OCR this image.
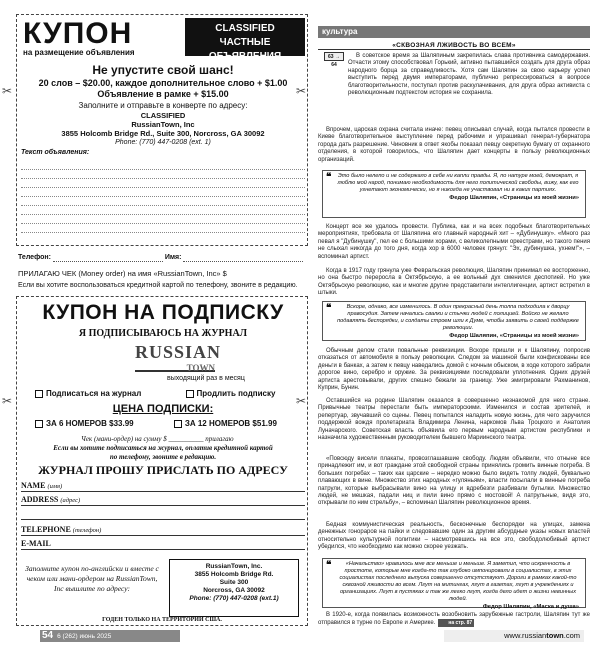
✂	✂
✂	✂
КУПОН
на размещение объявления
CLASSIFIED
ЧАСТНЫЕ ОБЪЯВЛЕНИЯ
Не упустите свой шанс!
20 слов – $20.00, каждое дополнительное слово + $1.00
Объявление в рамке + $15.00
Заполните и отправьте в конверте по адресу:
CLASSIFIED
RussianTown, Inc
3855 Holcomb Bridge Rd., Suite 300, Norcross, GA 30092
Phone: (770) 447-0208 (ext. 1)
Текст объявления:
Телефон:	Имя:
ПРИЛАГАЮ ЧЕК (Money order) на имя «RussianTown, Inc» $
Если вы хотите воспользоваться кредитной картой по телефону, звоните в редакцию.
КУПОН НА ПОДПИСКУ
Я ПОДПИСЫВАЮСЬ НА ЖУРНАЛ
RUSSIAN
TOWN
выходящий раз в месяц
Подписаться на журнал	Продлить подписку
ЦЕНА ПОДПИСКИ:
ЗА 6 НОМЕРОВ $33.99	ЗА 12 НОМЕРОВ $51.99
Чек (мани-ордер) на сумму $ __________ прилагаю
Если вы хотите подписаться на журнал, оплатив кредитной картой
по телефону, звоните в редакцию.
ЖУРНАЛ ПРОШУ ПРИСЛАТЬ ПО АДРЕСУ
NAME (имя)
ADDRESS (адрес)
TELEPHONE (телефон)
E-MAIL
Заполните купон по-английски и вместе с чеком или мани-ордером на RussianTown, Inc вышлите по адресу:
RussianTown, Inc.
3855 Holcomb Bridge Rd.
Suite 300
Norcross, GA 30092
Phone: (770) 447-0208 (ext.1)
ГОДЕН ТОЛЬКО НА ТЕРРИТОРИИ США.
культура
«СКВОЗНАЯ ЛЖИВОСТЬ ВО ВСЕМ»
63 → 64
В советское время за Шаляпиным закрепилась слава противника самодержавия. Отчасти этому способствовал Горький, активно пытавшийся создать для друга образ народного борца за справедливость. Хотя сам Шаляпин за свою карьеру успел выступить перед двумя императорами, публично репрессироваться в вопросе благотворительности, поступал против раскулачивания, для друга образ активиста с революционным подтекстом история не сохранила.
Впрочем, царская охрана считала иначе: певец описывал случай, когда пытался провести в Киеве благотворительное выступление перед рабочими и упрашивал генерал-губернатора города дать разрешение. Чиновник в ответ якобы показал певцу секретную бумагу от охранного отделения, в которой говорилось, что Шаляпин дает концерты в пользу революционных организаций.
❝ Это было нелепо и не содержало в себе ни капли правды. Я, по натуре моей, демократ, я люблю мой народ, понимаю необходимость для него политической свободы, вижу, как его угнетают экономически, но я никогда не участвовал ни в каких партиях.
Федор Шаляпин, «Страницы из моей жизни»
Концерт все же удалось провести. Публика, как и на всех подобных благотворительных мероприятиях, требовала от Шаляпина его главный народный хит – «Дубинушку». «Много раз певал я "Дубинушку", пел ее с большими хорами, с великолепными оркестрами, но такого пения не слыхал никогда до того дня, когда хор в 6000 человек грянул: "Эх, дубинушка, ухнем!"», – вспоминал артист.
Когда в 1917 году грянула уже Февральская революция, Шаляпин принимал ее восторженно, но она быстро переросла в Октябрьскую, а ее вольный дух сменился деспотией. Но уже Октябрьскую революцию, как и многие другие представители интеллигенции, артист встретил в штыки.
❝	Вскоре, однако, все изменилось. В один прекрасный день толпа подходила к дворцу правосудия. Затем начались свалки и стычки людей с полицией. Войско не желало подавлять беспорядки, и солдаты строем шли к Думе, чтобы заявить о своей поддержке революции.
Федор Шаляпин, «Страницы из моей жизни»
Обычным делом стали повальные реквизиции. Вскоре пришли и к Шаляпину, попросив отказаться от автомобиля в пользу революции. Следом за машиной были конфискованы все деньги в банках, а затем к певцу наведались домой с ночным обыском, в ходе которого забрали дорогое вино, серебро и оружие. За реквизициями последовали уплотнения. Одних друзей артиста арестовывали, других спешно бежали за границу. Уже эмигрировали Рахманинов, Куприн, Бунин.
Оставшийся на родине Шаляпин оказался в совершенно незнакомой для него стране. Привычные театры перестали быть императорскими. Изменился и состав зрителей, и репертуар, звучавший со сцены. Певец попытался наладить новую жизнь, для чего заручился поддержкой вождя пролетариата Владимира Ленина, наркомов Льва Троцкого и Анатолия Луначарского. Советская власть объявила его первым народным артистом республики и назначила художественным руководителем бывшего Мариинского театра.
«Повсюду висели плакаты, провозглашавшие свободу. Людям объявили, что отныне все принадлежит им, и вот граждане этой свободной страны принялись громить винные погреба. В больших погребах – таких как царские – нередко можно было видеть толпу людей, буквально плавающих в вине. Множество этих народных «гуляньям», власти посылали в винные погреба патрули, которые выбрасывали вино на улицу и вдребезги разбивали бутылки. Множество людей, не мешкая, падали ниц и пили вино прямо с мостовой! А патрульные, видя это, открывали по ним стрельбу», – вспоминал Шаляпин революционное время.
Бедная коммунистическая реальность, бесконечные беспорядки на улицах, замена денежных гонораров на пайки и следовавшие один за другим абсурдные указы новых властей относительно культурной политики – насмотревшись на все это, свободолюбивый артист убедился, что необходимо как можно скорее уезжать.
❝	«Начальство» нравилось мне все меньше и меньше. Я заметил, что искренность в простоте, которые мне когда-то так глубоко импонировали в социалистах, в этих социалистах последнего выпуска совершенно отсутствуют. Дороги в рамках какой-то сквозной лживости во всем. Лгут на митингах, лгут в газетах, лгут в учреждениях и организациях. Лгут в пустяках и так же легко лгут, когда дело идет о жизни невинных людей.
Федор Шаляпин, «Маска и душа»
В 1920-е, когда появилась возможность возобновить зарубежные гастроли, Шаляпин тут же отправился в турне по Европе и Америке.	на стр. 87
54 6 (262) июнь 2025	www.russiantown.com
